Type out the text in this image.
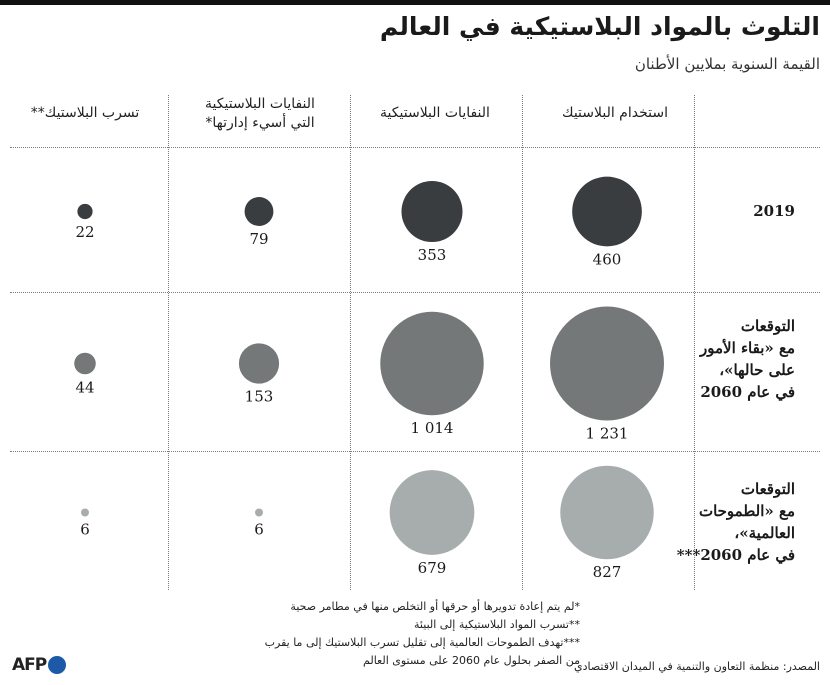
التلوث بالمواد البلاستيكية في العالم
القيمة السنوية بملايين الأطنان
استخدام البلاستيك
النفايات البلاستيكية
النفايات البلاستيكية
التي أسيء إدارتها*
تسرب البلاستيك**
2019
التوقعات
مع «بقاء الأمور
على حالها»،
في عام 2060
التوقعات
مع «الطموحات
العالمية»،
في عام 2060***
460
353
79
22
1 231
1 014
153
44
827
679
6
6
*لم يتم إعادة تدويرها أو حرقها أو التخلص منها في مطامر صحية
**تسرب المواد البلاستيكية إلى البيئة
***تهدف الطموحات العالمية إلى تقليل تسرب البلاستيك إلى ما يقرب
من الصفر بحلول عام 2060 على مستوى العالم
المصدر: منظمة التعاون والتنمية في الميدان الاقتصادي
AFP
